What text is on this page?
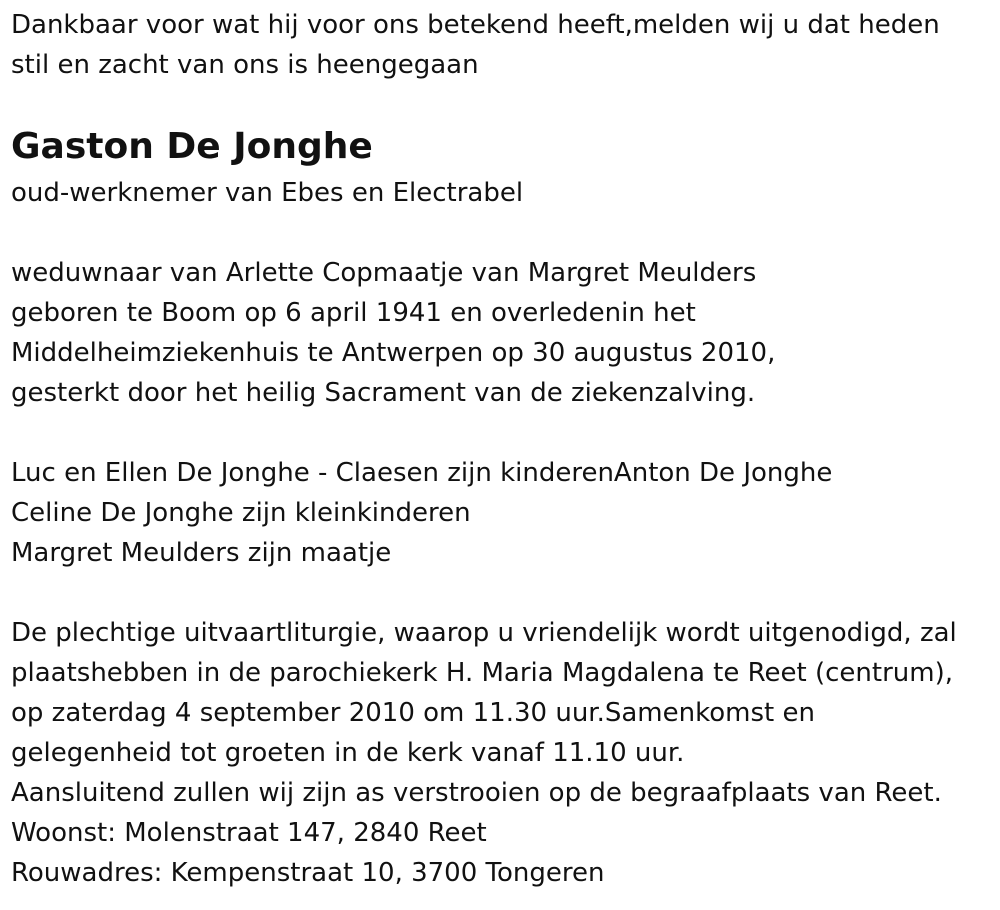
Dankbaar voor wat hij voor ons betekend heeft,melden wij u dat heden
stil en zacht van ons is heengegaan
Gaston De Jonghe
oud-werknemer van Ebes en Electrabel
weduwnaar van Arlette Copmaatje van Margret Meulders
geboren te Boom op 6 april 1941 en overledenin het
Middelheimziekenhuis te Antwerpen op 30 augustus 2010,
gesterkt door het heilig Sacrament van de ziekenzalving.
Luc en Ellen De Jonghe - Claesen zijn kinderenAnton De Jonghe
Celine De Jonghe zijn kleinkinderen
Margret Meulders zijn maatje
De plechtige uitvaartliturgie, waarop u vriendelijk wordt uitgenodigd, zal
plaatshebben in de parochiekerk H. Maria Magdalena te Reet (centrum),
op zaterdag 4 september 2010 om 11.30 uur.Samenkomst en
gelegenheid tot groeten in de kerk vanaf 11.10 uur.
Aansluitend zullen wij zijn as verstrooien op de begraafplaats van Reet.
Woonst: Molenstraat 147, 2840 Reet
Rouwadres: Kempenstraat 10, 3700 Tongeren
